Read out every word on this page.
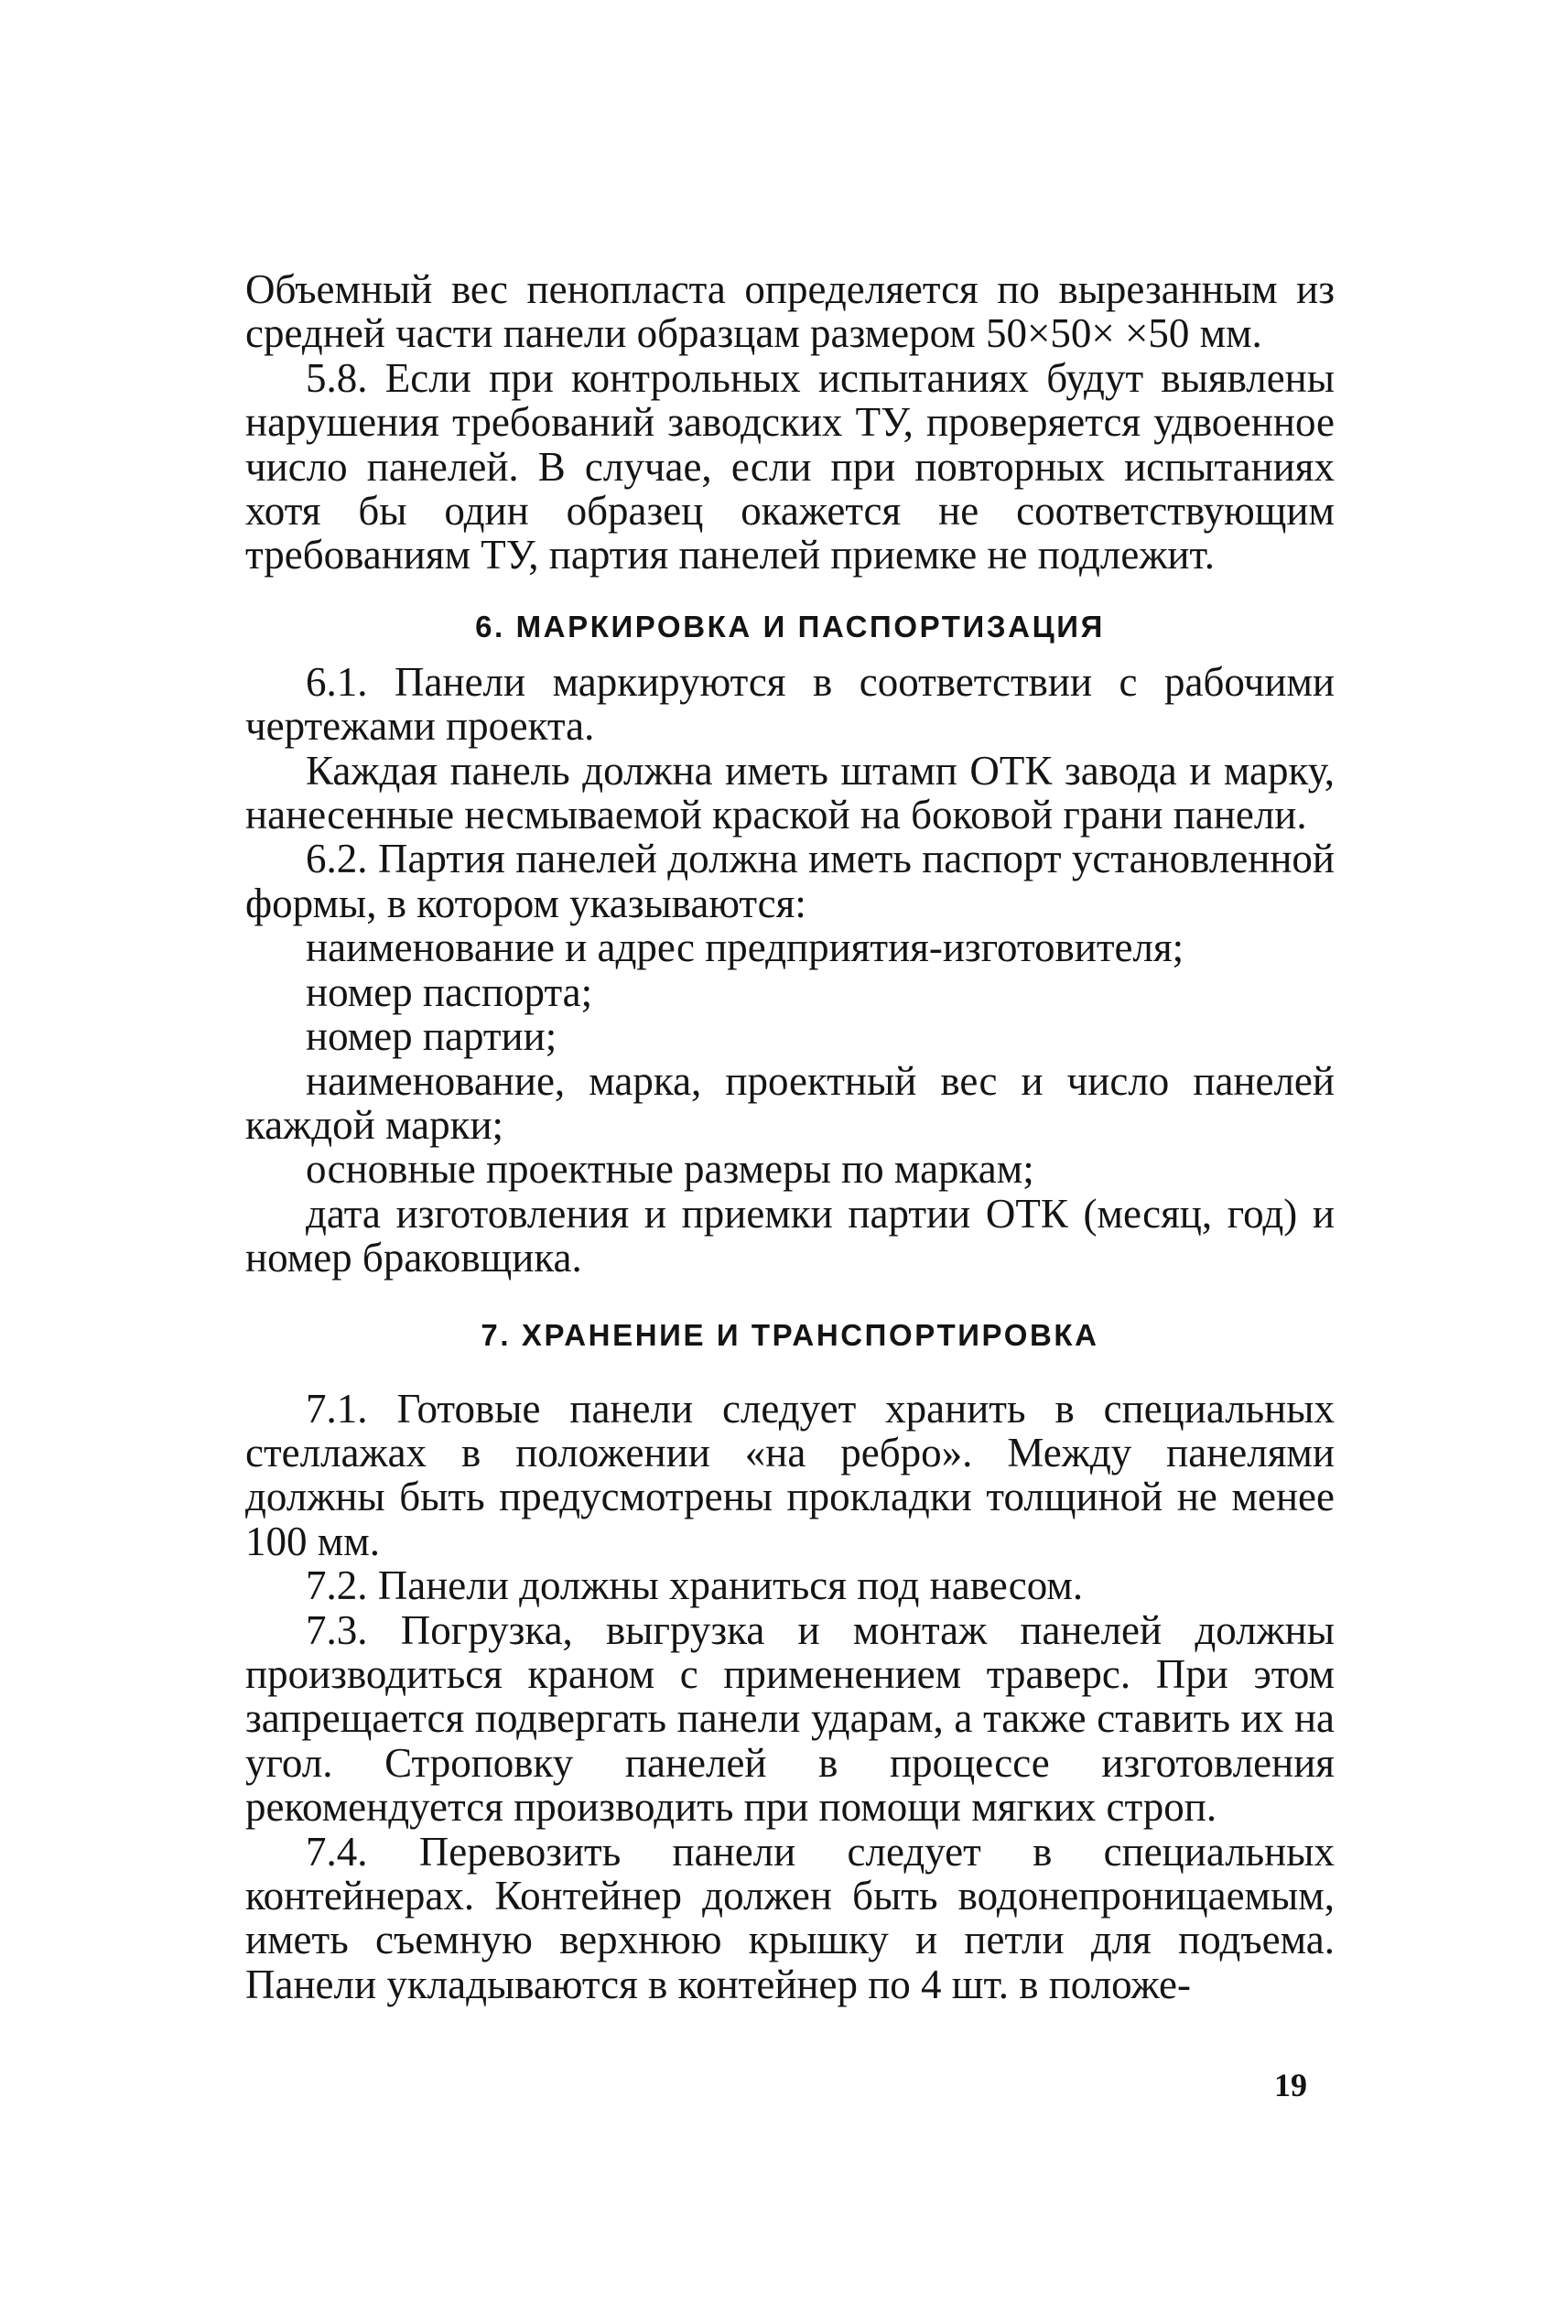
Объемный вес пенопласта определяется по вырезанным из средней части панели образцам размером 50×50× ×50 мм.

5.8. Если при контрольных испытаниях будут выявлены нарушения требований заводских ТУ, проверяется удвоенное число панелей. В случае, если при повторных испытаниях хотя бы один образец окажется не соответствующим требованиям ТУ, партия панелей приемке не подлежит.

6. МАРКИРОВКА И ПАСПОРТИЗАЦИЯ

6.1. Панели маркируются в соответствии с рабочими чертежами проекта.

Каждая панель должна иметь штамп ОТК завода и марку, нанесенные несмываемой краской на боковой грани панели.

6.2. Партия панелей должна иметь паспорт установленной формы, в котором указываются:

наименование и адрес предприятия-изготовителя;

номер паспорта;

номер партии;

наименование, марка, проектный вес и число панелей каждой марки;

основные проектные размеры по маркам;

дата изготовления и приемки партии ОТК (месяц, год) и номер браковщика.

7. ХРАНЕНИЕ И ТРАНСПОРТИРОВКА

7.1. Готовые панели следует хранить в специальных стеллажах в положении «на ребро». Между панелями должны быть предусмотрены прокладки толщиной не менее 100 мм.

7.2. Панели должны храниться под навесом.

7.3. Погрузка, выгрузка и монтаж панелей должны производиться краном с применением траверс. При этом запрещается подвергать панели ударам, а также ставить их на угол. Строповку панелей в процессе изготовления рекомендуется производить при помощи мягких строп.

7.4. Перевозить панели следует в специальных контейнерах. Контейнер должен быть водонепроницаемым, иметь съемную верхнюю крышку и петли для подъема. Панели укладываются в контейнер по 4 шт. в положе-

19
